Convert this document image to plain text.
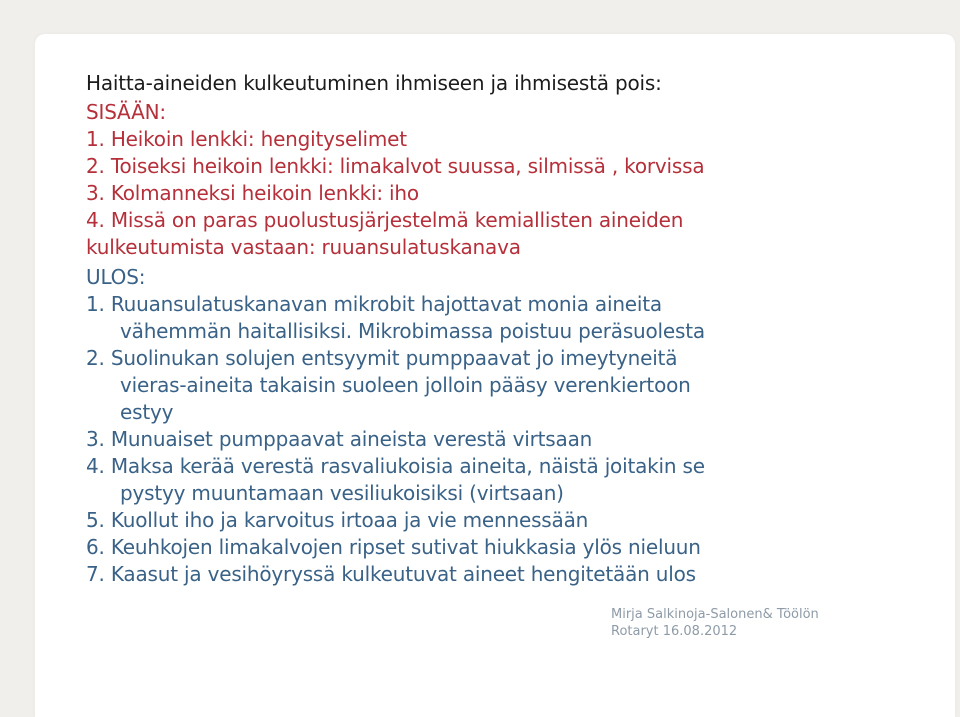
Haitta-aineiden kulkeutuminen ihmiseen ja ihmisestä pois:
SISÄÄN:
1. Heikoin lenkki: hengityselimet
2. Toiseksi heikoin lenkki: limakalvot suussa, silmissä , korvissa
3. Kolmanneksi heikoin lenkki: iho
4. Missä on paras puolustusjärjestelmä kemiallisten aineiden
kulkeutumista vastaan: ruuansulatuskanava
ULOS:
1. Ruuansulatuskanavan mikrobit hajottavat monia aineita
vähemmän haitallisiksi. Mikrobimassa poistuu peräsuolesta
2. Suolinukan solujen entsyymit pumppaavat jo imeytyneitä
vieras-aineita takaisin suoleen jolloin pääsy verenkiertoon
estyy
3. Munuaiset pumppaavat aineista verestä virtsaan
4. Maksa kerää verestä rasvaliukoisia aineita, näistä joitakin se
pystyy muuntamaan vesiliukoisiksi (virtsaan)
5. Kuollut iho ja karvoitus irtoaa ja vie mennessään
6. Keuhkojen limakalvojen ripset sutivat hiukkasia ylös nieluun
7. Kaasut ja vesihöyryssä kulkeutuvat aineet hengitetään ulos
Mirja Salkinoja-Salonen& Töölön
Rotaryt 16.08.2012
